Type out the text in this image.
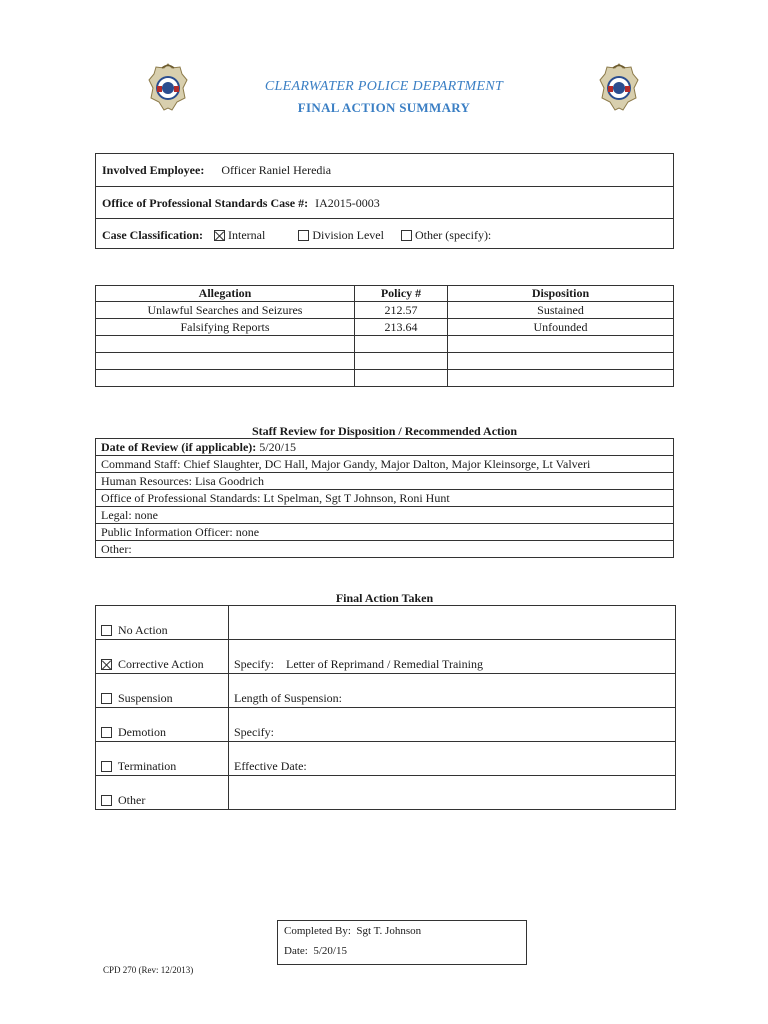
CLEARWATER POLICE DEPARTMENT
FINAL ACTION SUMMARY
Involved Employee: Officer Raniel Heredia
Office of Professional Standards Case #: IA2015-0003
Case Classification: Internal	Division Level	Other (specify):
Allegation	Policy #	Disposition
Unlawful Searches and Seizures	212.57	Sustained
Falsifying Reports	213.64	Unfounded

Staff Review for Disposition / Recommended Action
Date of Review (if applicable): 5/20/15
Command Staff: Chief Slaughter, DC Hall, Major Gandy, Major Dalton, Major Kleinsorge, Lt Valveri
Human Resources: Lisa Goodrich
Office of Professional Standards: Lt Spelman, Sgt T Johnson, Roni Hunt
Legal: none
Public Information Officer: none
Other:
Final Action Taken
No Action	
Corrective Action	Specify:    Letter of Reprimand / Remedial Training
Suspension	Length of Suspension:
Demotion	Specify:
Termination	Effective Date:
Other	
Completed By: Sgt T. Johnson
Date: 5/20/15
CPD 270 (Rev: 12/2013)
